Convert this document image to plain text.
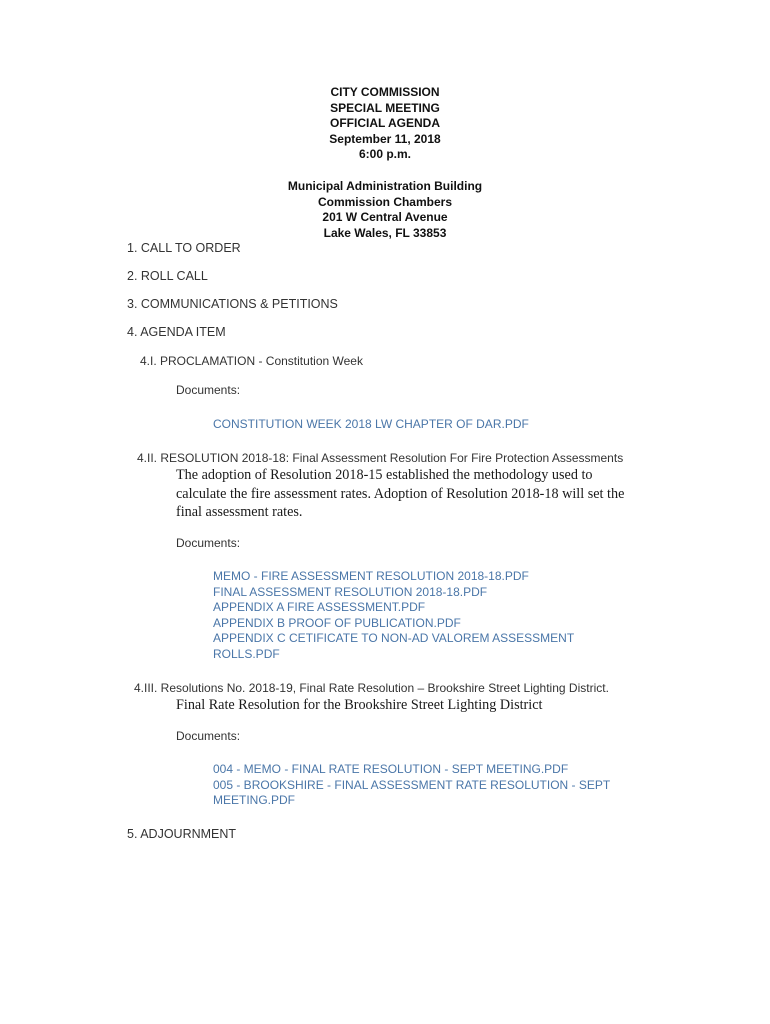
CITY COMMISSION
SPECIAL MEETING
OFFICIAL AGENDA
September 11, 2018
6:00 p.m.
Municipal Administration Building
Commission Chambers
201 W Central Avenue
Lake Wales, FL 33853
1. CALL TO ORDER
2. ROLL CALL
3. COMMUNICATIONS & PETITIONS
4. AGENDA ITEM
4.I. PROCLAMATION - Constitution Week
Documents:
CONSTITUTION WEEK 2018 LW CHAPTER OF DAR.PDF
4.II. RESOLUTION 2018-18: Final Assessment Resolution For Fire Protection Assessments
The adoption of Resolution 2018-15 established the methodology used to
calculate the fire assessment rates. Adoption of Resolution 2018-18 will set the
final assessment rates.
Documents:
MEMO - FIRE ASSESSMENT RESOLUTION 2018-18.PDF
FINAL ASSESSMENT RESOLUTION 2018-18.PDF
APPENDIX A FIRE ASSESSMENT.PDF
APPENDIX B PROOF OF PUBLICATION.PDF
APPENDIX C CETIFICATE TO NON-AD VALOREM ASSESSMENT
ROLLS.PDF
4.III. Resolutions No. 2018-19, Final Rate Resolution – Brookshire Street Lighting District.
Final Rate Resolution for the Brookshire Street Lighting District
Documents:
004 - MEMO - FINAL RATE RESOLUTION - SEPT MEETING.PDF
005 - BROOKSHIRE - FINAL ASSESSMENT RATE RESOLUTION - SEPT
MEETING.PDF
5. ADJOURNMENT
